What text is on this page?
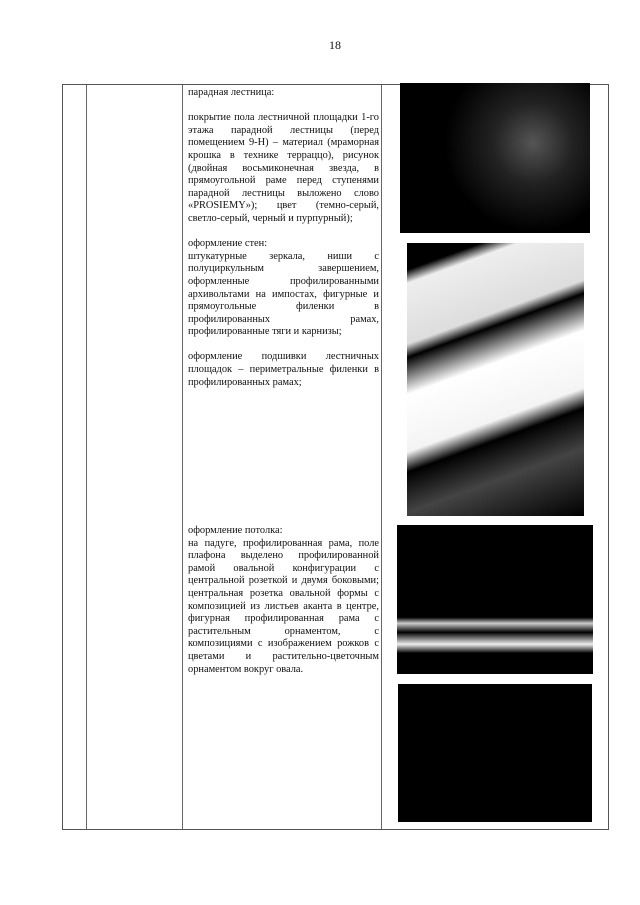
18

парадная лестница:

покрытие пола лестничной площадки 1-го этажа парадной лестницы (перед помещением 9-Н) – материал (мраморная крошка в технике терраццо), рисунок (двойная восьмиконечная звезда, в прямоугольной раме перед ступенями парадной лестницы выложено слово «PROSIEMY»); цвет (темно-серый, светло-серый, черный и пурпурный);

оформление стен:

штукатурные зеркала, ниши с полуциркульным завершением, оформленные профилированными архивольтами на импостах, фигурные и прямоугольные филенки в профилированных рамах, профилированные тяги и карнизы;

оформление подшивки лестничных площадок – периметральные филенки в профилированных рамах;

оформление потолка:

на падуге, профилированная рама, поле плафона выделено профилированной рамой овальной конфигурации с центральной розеткой и двумя боковыми; центральная розетка овальной формы с композицией из листьев аканта в центре, фигурная профилированная рама с растительным орнаментом, с композициями с изображением рожков с цветами и растительно-цветочным орнаментом вокруг овала.
